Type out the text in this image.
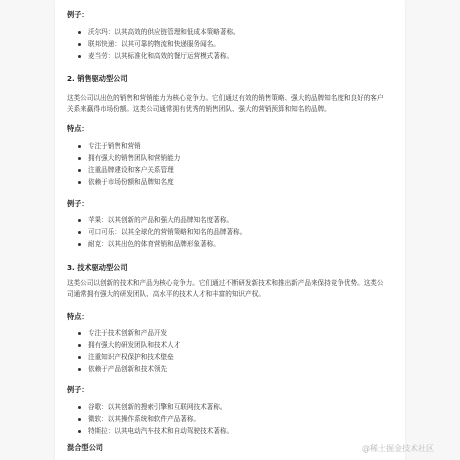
例子：
沃尔玛：以其高效的供应链管理和低成本策略著称。
联邦快递：以其可靠的物流和快递服务闻名。
麦当劳：以其标准化和高效的餐厅运营模式著称。
2. 销售驱动型公司
这类公司以出色的销售和营销能力为核心竞争力。它们通过有效的销售策略、强大的品牌知名度和良好的客户关系来赢得市场份额。这类公司通常拥有优秀的销售团队、强大的营销预算和知名的品牌。
特点：
专注于销售和营销
拥有强大的销售团队和营销能力
注重品牌建设和客户关系管理
依赖于市场份额和品牌知名度
例子：
苹果：以其创新的产品和强大的品牌知名度著称。
可口可乐：以其全球化的营销策略和知名的品牌著称。
耐克：以其出色的体育营销和品牌形象著称。
3. 技术驱动型公司
这类公司以创新的技术和产品为核心竞争力。它们通过不断研发新技术和推出新产品来保持竞争优势。这类公司通常拥有强大的研发团队、高水平的技术人才和丰富的知识产权。
特点：
专注于技术创新和产品开发
拥有强大的研发团队和技术人才
注重知识产权保护和技术壁垒
依赖于产品创新和技术领先
例子：
谷歌：以其创新的搜索引擎和互联网技术著称。
微软：以其操作系统和软件产品著称。
特斯拉：以其电动汽车技术和自动驾驶技术著称。
混合型公司	@稀土掘金技术社区
